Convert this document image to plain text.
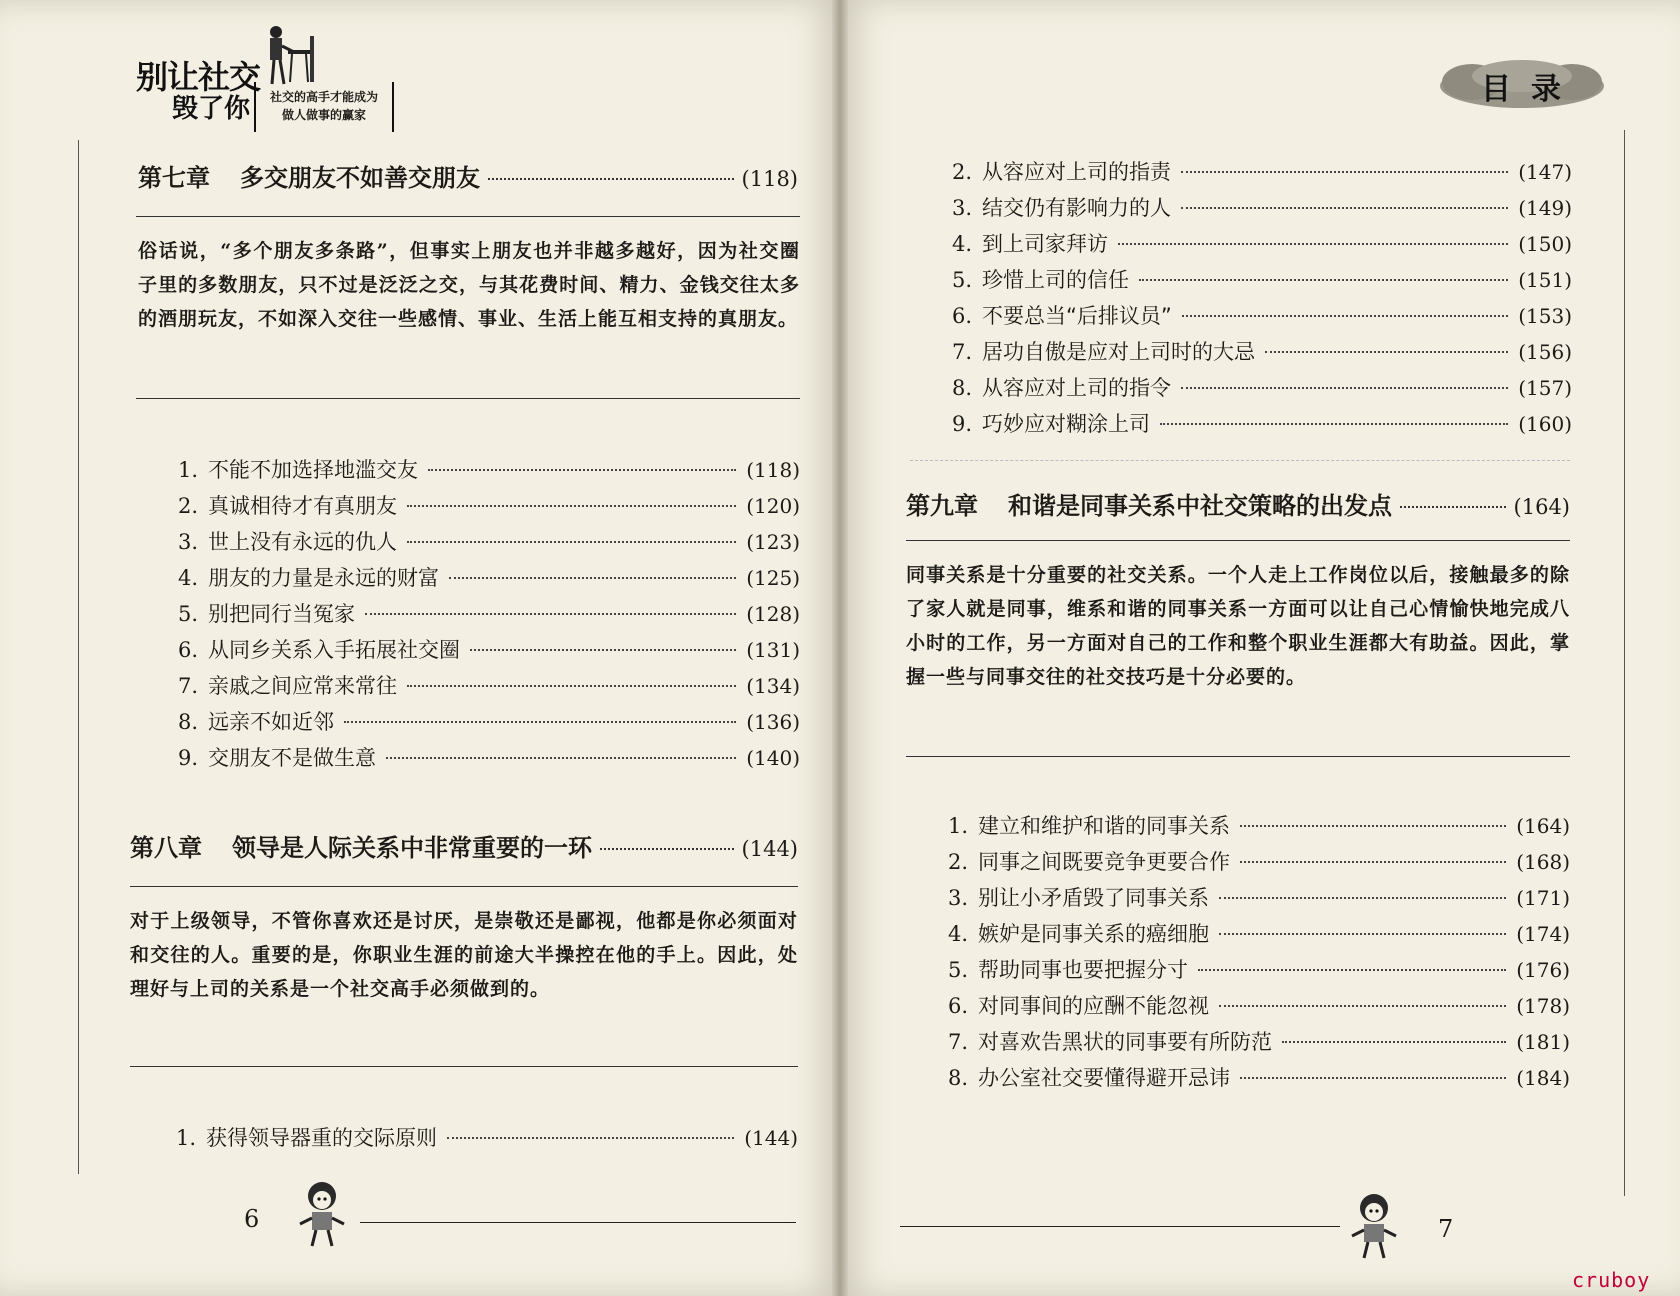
别让社交
毁了你	社交的高手才能成为
做人做事的赢家
第七章 多交朋友不如善交朋友	(118)
俗话说，“多个朋友多条路”，但事实上朋友也并非越多越好，因为社交圈子里的多数朋友，只不过是泛泛之交，与其花费时间、精力、金钱交往太多的酒朋玩友，不如深入交往一些感情、事业、生活上能互相支持的真朋友。
1. 不能不加选择地滥交友	(118)
2. 真诚相待才有真朋友	(120)
3. 世上没有永远的仇人	(123)
4. 朋友的力量是永远的财富	(125)
5. 别把同行当冤家	(128)
6. 从同乡关系入手拓展社交圈	(131)
7. 亲戚之间应常来常往	(134)
8. 远亲不如近邻	(136)
9. 交朋友不是做生意	(140)
第八章 领导是人际关系中非常重要的一环	(144)
对于上级领导，不管你喜欢还是讨厌，是崇敬还是鄙视，他都是你必须面对和交往的人。重要的是，你职业生涯的前途大半操控在他的手上。因此，处理好与上司的关系是一个社交高手必须做到的。
1. 获得领导器重的交际原则	(144)
6
目录
2. 从容应对上司的指责	(147)
3. 结交仍有影响力的人	(149)
4. 到上司家拜访	(150)
5. 珍惜上司的信任	(151)
6. 不要总当“后排议员”	(153)
7. 居功自傲是应对上司时的大忌	(156)
8. 从容应对上司的指令	(157)
9. 巧妙应对糊涂上司	(160)
第九章 和谐是同事关系中社交策略的出发点	(164)
同事关系是十分重要的社交关系。一个人走上工作岗位以后，接触最多的除了家人就是同事，维系和谐的同事关系一方面可以让自己心情愉快地完成八小时的工作，另一方面对自己的工作和整个职业生涯都大有助益。因此，掌握一些与同事交往的社交技巧是十分必要的。
1. 建立和维护和谐的同事关系	(164)
2. 同事之间既要竞争更要合作	(168)
3. 别让小矛盾毁了同事关系	(171)
4. 嫉妒是同事关系的癌细胞	(174)
5. 帮助同事也要把握分寸	(176)
6. 对同事间的应酬不能忽视	(178)
7. 对喜欢告黑状的同事要有所防范	(181)
8. 办公室社交要懂得避开忌讳	(184)
7
cruboy
